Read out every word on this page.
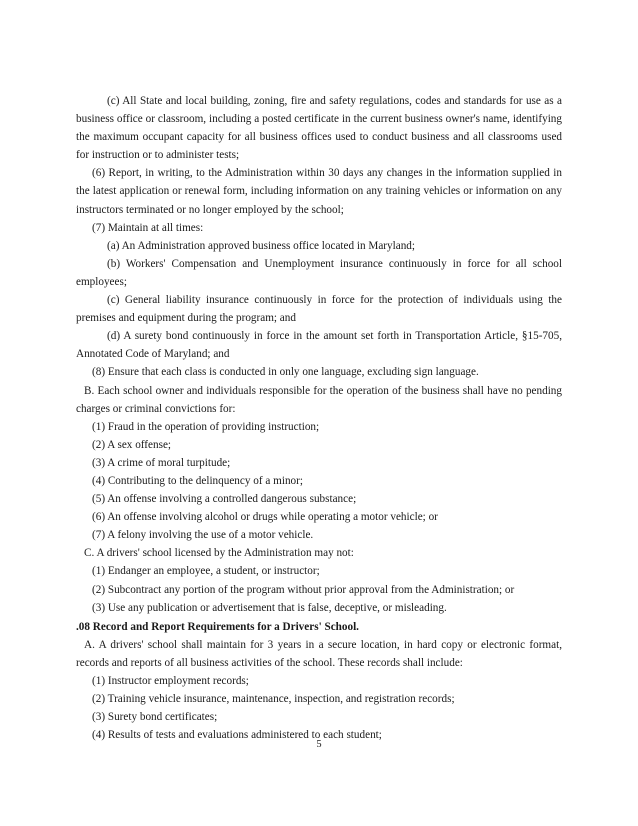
(c) All State and local building, zoning, fire and safety regulations, codes and standards for use as a business office or classroom, including a posted certificate in the current business owner's name, identifying the maximum occupant capacity for all business offices used to conduct business and all classrooms used for instruction or to administer tests;

(6) Report, in writing, to the Administration within 30 days any changes in the information supplied in the latest application or renewal form, including information on any training vehicles or information on any instructors terminated or no longer employed by the school;

(7) Maintain at all times:

(a) An Administration approved business office located in Maryland;

(b) Workers' Compensation and Unemployment insurance continuously in force for all school employees;

(c) General liability insurance continuously in force for the protection of individuals using the premises and equipment during the program; and

(d) A surety bond continuously in force in the amount set forth in Transportation Article, §15-705, Annotated Code of Maryland; and

(8) Ensure that each class is conducted in only one language, excluding sign language.

B. Each school owner and individuals responsible for the operation of the business shall have no pending charges or criminal convictions for:

(1) Fraud in the operation of providing instruction;

(2) A sex offense;

(3) A crime of moral turpitude;

(4) Contributing to the delinquency of a minor;

(5) An offense involving a controlled dangerous substance;

(6) An offense involving alcohol or drugs while operating a motor vehicle; or

(7) A felony involving the use of a motor vehicle.

C. A drivers' school licensed by the Administration may not:

(1) Endanger an employee, a student, or instructor;

(2) Subcontract any portion of the program without prior approval from the Administration; or

(3) Use any publication or advertisement that is false, deceptive, or misleading.

.08 Record and Report Requirements for a Drivers' School.

A. A drivers' school shall maintain for 3 years in a secure location, in hard copy or electronic format, records and reports of all business activities of the school. These records shall include:

(1) Instructor employment records;

(2) Training vehicle insurance, maintenance, inspection, and registration records;

(3) Surety bond certificates;

(4) Results of tests and evaluations administered to each student;

5
